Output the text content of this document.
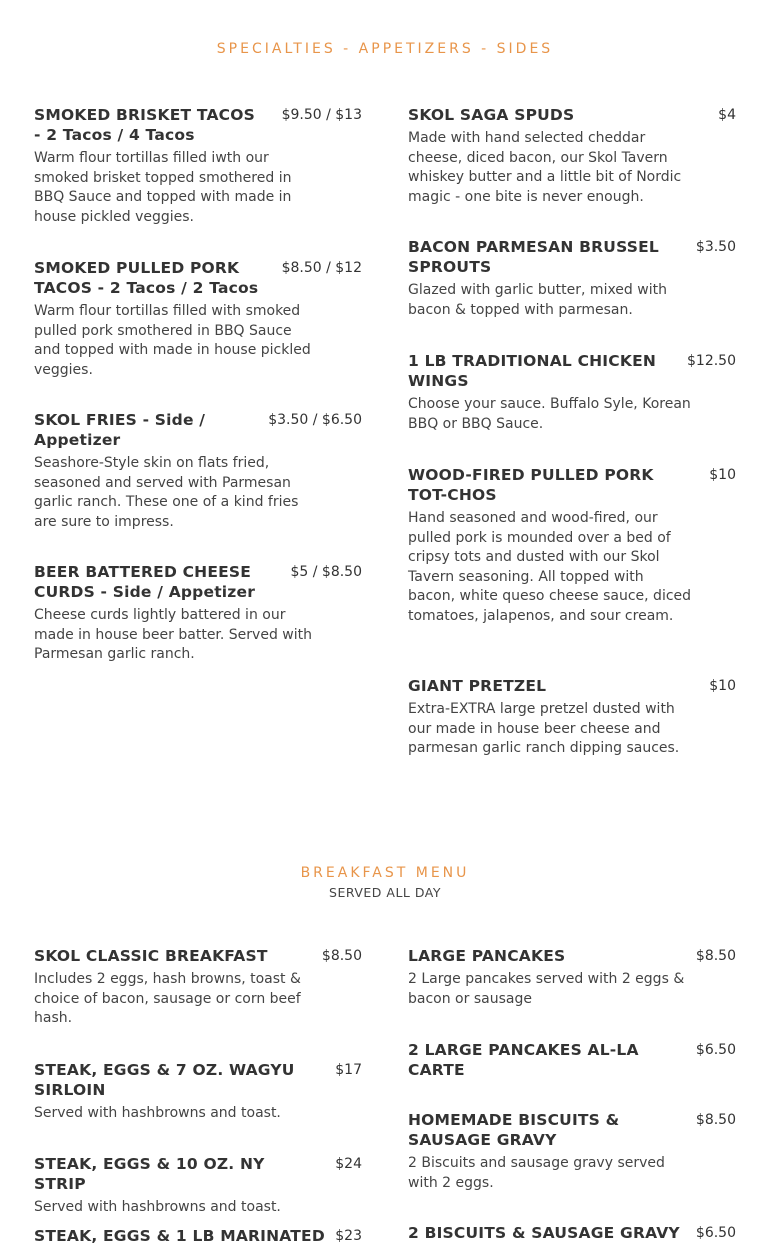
SPECIALTIES - APPETIZERS - SIDES
SMOKED BRISKET TACOS - 2 Tacos / 4 Tacos
$9.50 / $13
Warm flour tortillas filled iwth our smoked brisket topped smothered in BBQ Sauce and topped with made in house pickled veggies.
SMOKED PULLED PORK TACOS - 2 Tacos / 2 Tacos
$8.50 / $12
Warm flour tortillas filled with smoked pulled pork smothered in BBQ Sauce and topped with made in house pickled veggies.
SKOL FRIES - Side / Appetizer
$3.50 / $6.50
Seashore-Style skin on flats fried, seasoned and served with Parmesan garlic ranch. These one of a kind fries are sure to impress.
BEER BATTERED CHEESE CURDS - Side / Appetizer
$5 / $8.50
Cheese curds lightly battered in our made in house beer batter. Served with Parmesan garlic ranch.
SKOL SAGA SPUDS	$4
Made with hand selected cheddar cheese, diced bacon, our Skol Tavern whiskey butter and a little bit of Nordic magic - one bite is never enough.
BACON PARMESAN BRUSSEL SPROUTS
$3.50
Glazed with garlic butter, mixed with bacon & topped with parmesan.
1 LB TRADITIONAL CHICKEN WINGS
$12.50
Choose your sauce. Buffalo Syle, Korean BBQ or BBQ Sauce.
WOOD-FIRED PULLED PORK TOT-CHOS
$10
Hand seasoned and wood-fired, our pulled pork is mounded over a bed of cripsy tots and dusted with our Skol Tavern seasoning. All topped with bacon, white queso cheese sauce, diced tomatoes, jalapenos, and sour cream.
GIANT PRETZEL	$10
Extra-EXTRA large pretzel dusted with our made in house beer cheese and parmesan garlic ranch dipping sauces.
BREAKFAST MENU
SERVED ALL DAY
SKOL CLASSIC BREAKFAST	$8.50
Includes 2 eggs, hash browns, toast & choice of bacon, sausage or corn beef hash.
STEAK, EGGS & 7 OZ. WAGYU SIRLOIN
$17
Served with hashbrowns and toast.
STEAK, EGGS & 10 OZ. NY STRIP
$24
Served with hashbrowns and toast.
STEAK, EGGS & 1 LB MARINATED $23
LARGE PANCAKES	$8.50
2 Large pancakes served with 2 eggs & bacon or sausage
2 LARGE PANCAKES AL-LA CARTE
$6.50
HOMEMADE BISCUITS & SAUSAGE GRAVY
$8.50
2 Biscuits and sausage gravy served with 2 eggs.
2 BISCUITS & SAUSAGE GRAVY	$6.50
